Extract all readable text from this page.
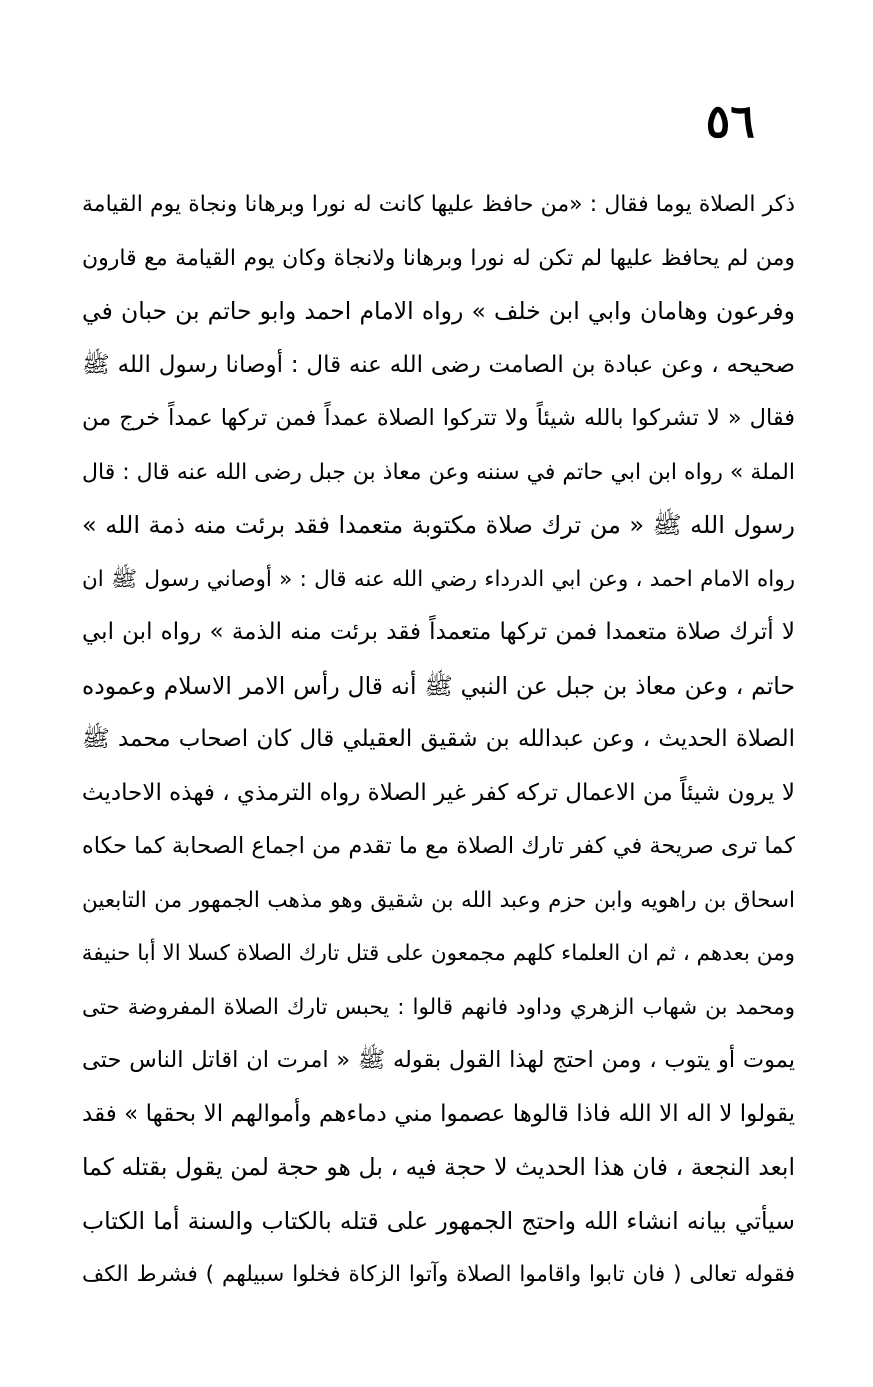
٥٦
ذكر الصلاة يوما فقال : «من حافظ عليها كانت له نورا وبرهانا ونجاة يوم القيامة
ومن لم يحافظ عليها لم تكن له نورا وبرهانا ولانجاة وكان يوم القيامة مع قارون
وفرعون وهامان وابي ابن خلف » رواه الامام احمد وابو حاتم بن حبان في
صحيحه ، وعن عبادة بن الصامت رضى الله عنه قال : أوصانا رسول الله ﷺ
فقال « لا تشركوا بالله شيئاً ولا تتركوا الصلاة عمداً فمن تركها عمداً خرج من
الملة » رواه ابن ابي حاتم في سننه وعن معاذ بن جبل رضى الله عنه قال : قال
رسول الله ﷺ « من ترك صلاة مكتوبة متعمدا فقد برئت منه ذمة الله »
رواه الامام احمد ، وعن ابي الدرداء رضي الله عنه قال : « أوصاني رسول ﷺ ان
لا أترك صلاة متعمدا فمن تركها متعمداً فقد برئت منه الذمة » رواه ابن ابي
حاتم ، وعن معاذ بن جبل عن النبي ﷺ أنه قال رأس الامر الاسلام وعموده
الصلاة الحديث ، وعن عبدالله بن شقيق العقيلي قال كان اصحاب محمد ﷺ
لا يرون شيئاً من الاعمال تركه كفر غير الصلاة رواه الترمذي ، فهذه الاحاديث
كما ترى صريحة في كفر تارك الصلاة مع ما تقدم من اجماع الصحابة كما حكاه
اسحاق بن راهويه وابن حزم وعبد الله بن شقيق وهو مذهب الجمهور من التابعين
ومن بعدهم ، ثم ان العلماء كلهم مجمعون على قتل تارك الصلاة كسلا الا أبا حنيفة
ومحمد بن شهاب الزهري وداود فانهم قالوا : يحبس تارك الصلاة المفروضة حتى
يموت أو يتوب ، ومن احتج لهذا القول بقوله ﷺ « امرت ان اقاتل الناس حتى
يقولوا لا اله الا الله فاذا قالوها عصموا مني دماءهم وأموالهم الا بحقها » فقد
ابعد النجعة ، فان هذا الحديث لا حجة فيه ، بل هو حجة لمن يقول بقتله كما
سيأتي بيانه انشاء الله واحتج الجمهور على قتله بالكتاب والسنة أما الكتاب
فقوله تعالى ( فان تابوا واقاموا الصلاة وآتوا الزكاة فخلوا سبيلهم ) فشرط الكف
